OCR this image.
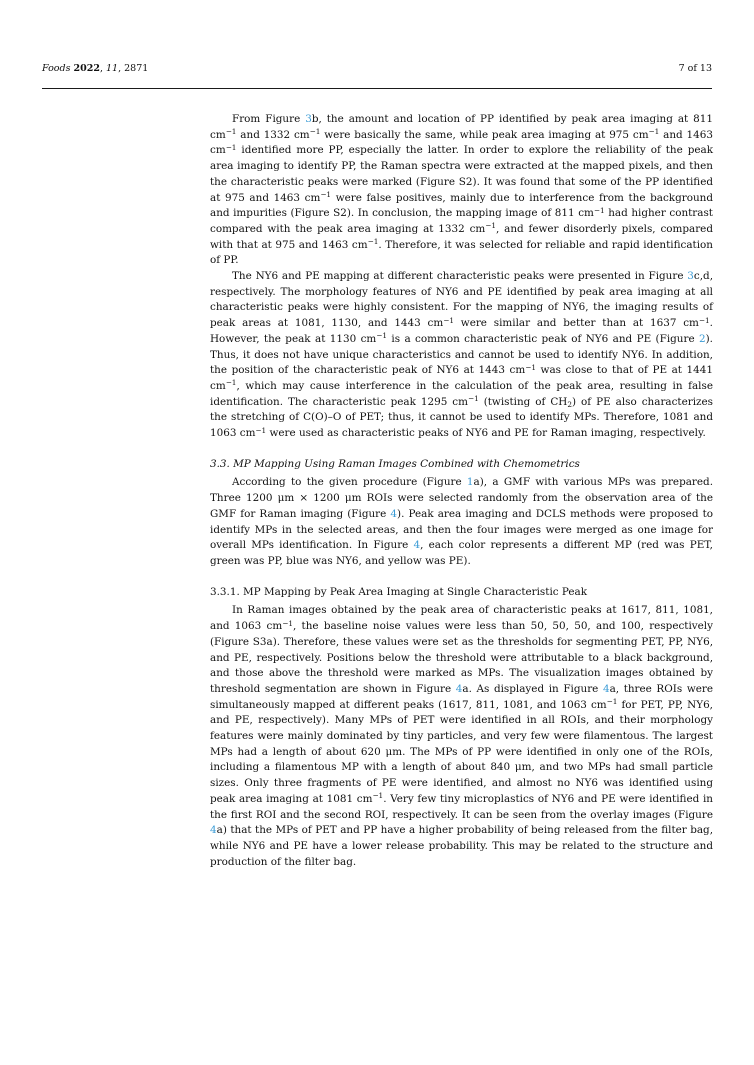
Foods 2022, 11, 2871	7 of 13

From Figure 3b, the amount and location of PP identified by peak area imaging at 811 $cm^{-1}$ and 1332 $cm^{-1}$ were basically the same, while peak area imaging at 975 $cm^{-1}$ and 1463 $cm^{-1}$ identified more PP, especially the latter. In order to explore the reliability of the peak area imaging to identify PP, the Raman spectra were extracted at the mapped pixels, and then the characteristic peaks were marked (Figure S2). It was found that some of the PP identified at 975 and 1463 $cm^{-1}$ were false positives, mainly due to interference from the background and impurities (Figure S2). In conclusion, the mapping image of 811 $cm^{-1}$ had higher contrast compared with the peak area imaging at 1332 $cm^{-1}$, and fewer disorderly pixels, compared with that at 975 and 1463 $cm^{-1}$. Therefore, it was selected for reliable and rapid identification of PP.

The NY6 and PE mapping at different characteristic peaks were presented in Figure 3c,d, respectively. The morphology features of NY6 and PE identified by peak area imaging at all characteristic peaks were highly consistent. For the mapping of NY6, the imaging results of peak areas at 1081, 1130, and 1443 $cm^{-1}$ were similar and better than at 1637 $cm^{-1}$. However, the peak at 1130 $cm^{-1}$ is a common characteristic peak of NY6 and PE (Figure 2). Thus, it does not have unique characteristics and cannot be used to identify NY6. In addition, the position of the characteristic peak of NY6 at 1443 $cm^{-1}$ was close to that of PE at 1441 $cm^{-1}$, which may cause interference in the calculation of the peak area, resulting in false identification. The characteristic peak 1295 $cm^{-1}$ (twisting of $CH_2$) of PE also characterizes the stretching of C(O)–O of PET; thus, it cannot be used to identify MPs. Therefore, 1081 and 1063 $cm^{-1}$ were used as characteristic peaks of NY6 and PE for Raman imaging, respectively.

3.3. MP Mapping Using Raman Images Combined with Chemometrics

According to the given procedure (Figure 1a), a GMF with various MPs was prepared. Three 1200 μm × 1200 μm ROIs were selected randomly from the observation area of the GMF for Raman imaging (Figure 4). Peak area imaging and DCLS methods were proposed to identify MPs in the selected areas, and then the four images were merged as one image for overall MPs identification. In Figure 4, each color represents a different MP (red was PET, green was PP, blue was NY6, and yellow was PE).

3.3.1. MP Mapping by Peak Area Imaging at Single Characteristic Peak

In Raman images obtained by the peak area of characteristic peaks at 1617, 811, 1081, and 1063 $cm^{-1}$, the baseline noise values were less than 50, 50, 50, and 100, respectively (Figure S3a). Therefore, these values were set as the thresholds for segmenting PET, PP, NY6, and PE, respectively. Positions below the threshold were attributable to a black background, and those above the threshold were marked as MPs. The visualization images obtained by threshold segmentation are shown in Figure 4a. As displayed in Figure 4a, three ROIs were simultaneously mapped at different peaks (1617, 811, 1081, and 1063 $cm^{-1}$ for PET, PP, NY6, and PE, respectively). Many MPs of PET were identified in all ROIs, and their morphology features were mainly dominated by tiny particles, and very few were filamentous. The largest MPs had a length of about 620 μm. The MPs of PP were identified in only one of the ROIs, including a filamentous MP with a length of about 840 μm, and two MPs had small particle sizes. Only three fragments of PE were identified, and almost no NY6 was identified using peak area imaging at 1081 $cm^{-1}$. Very few tiny microplastics of NY6 and PE were identified in the first ROI and the second ROI, respectively. It can be seen from the overlay images (Figure 4a) that the MPs of PET and PP have a higher probability of being released from the filter bag, while NY6 and PE have a lower release probability. This may be related to the structure and production of the filter bag.
